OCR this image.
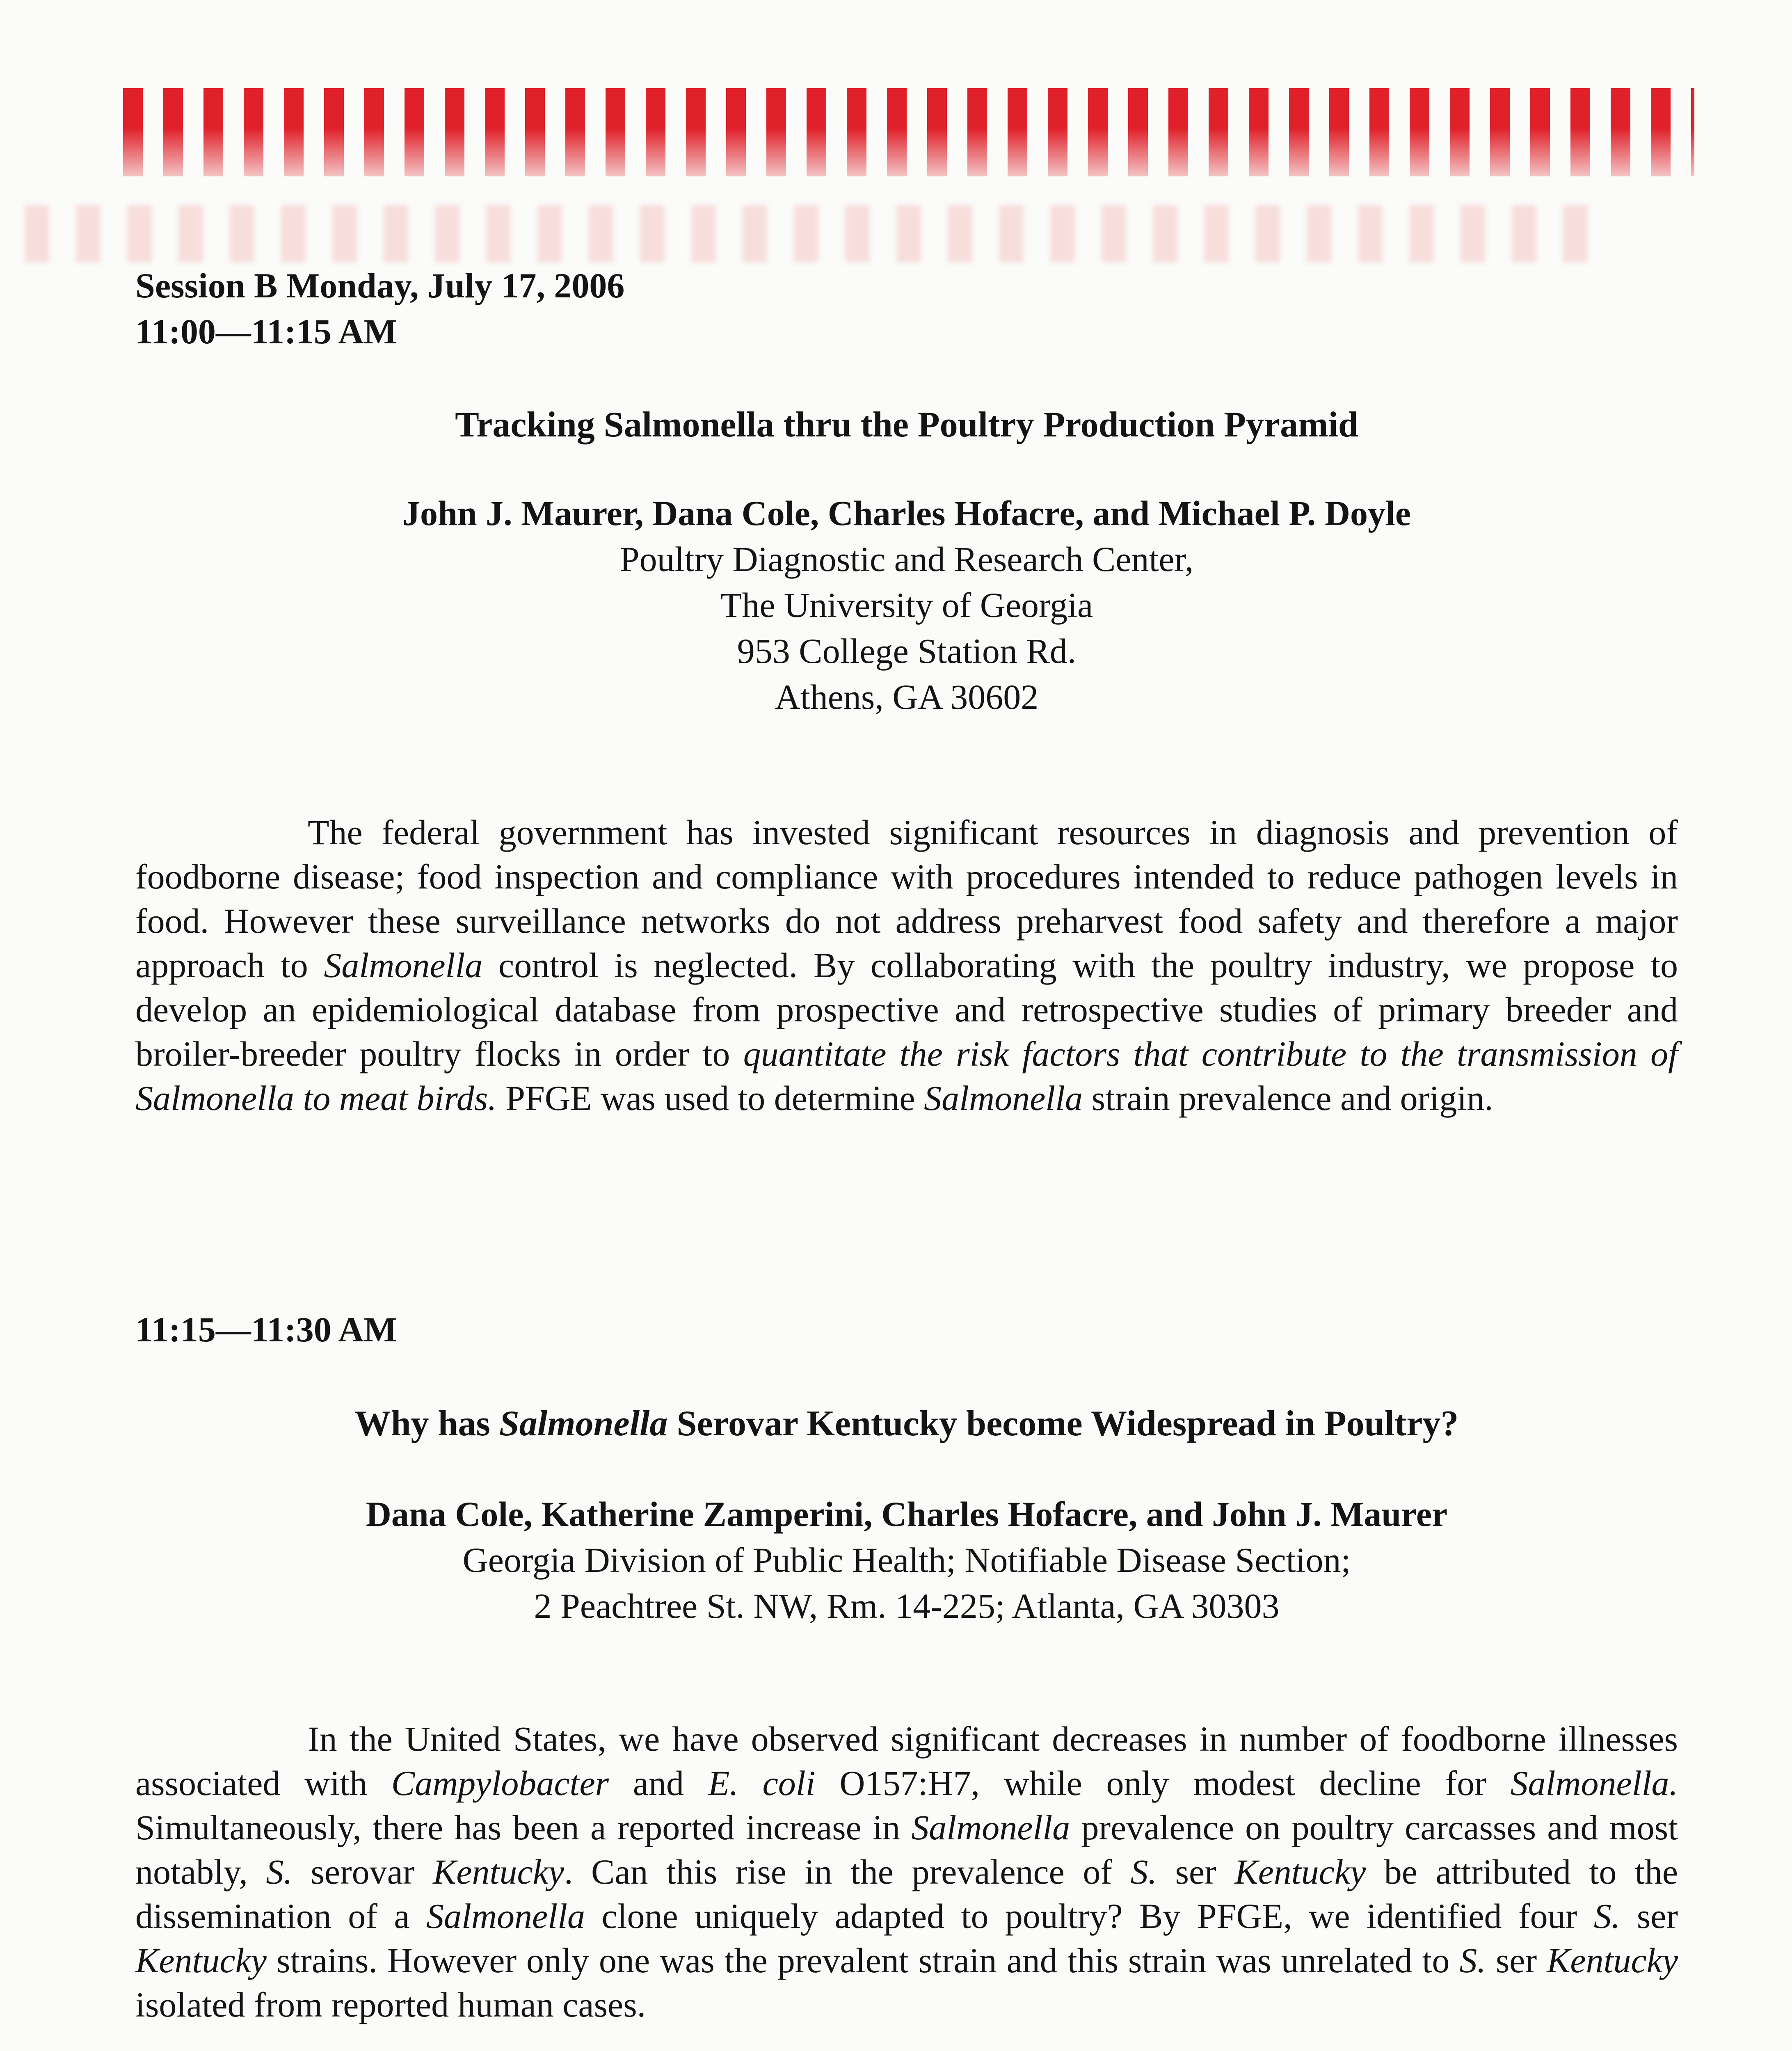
Session B Monday, July 17, 2006

11:00—11:15 AM

Tracking Salmonella thru the Poultry Production Pyramid

John J. Maurer, Dana Cole, Charles Hofacre, and Michael P. Doyle

Poultry Diagnostic and Research Center,

The University of Georgia

953 College Station Rd.

Athens, GA 30602

The federal government has invested significant resources in diagnosis and prevention of foodborne disease; food inspection and compliance with procedures intended to reduce pathogen levels in food. However these surveillance networks do not address preharvest food safety and therefore a major approach to Salmonella control is neglected. By collaborating with the poultry industry, we propose to develop an epidemiological database from prospective and retrospective studies of primary breeder and broiler-breeder poultry flocks in order to quantitate the risk factors that contribute to the transmission of Salmonella to meat birds. PFGE was used to determine Salmonella strain prevalence and origin.

11:15—11:30 AM
Why has Salmonella Serovar Kentucky become Widespread in Poultry?

Dana Cole, Katherine Zamperini, Charles Hofacre, and John J. Maurer

Georgia Division of Public Health; Notifiable Disease Section;

2 Peachtree St. NW, Rm. 14-225; Atlanta, GA 30303

In the United States, we have observed significant decreases in number of foodborne illnesses associated with Campylobacter and E. coli O157:H7, while only modest decline for Salmonella. Simultaneously, there has been a reported increase in Salmonella prevalence on poultry carcasses and most notably, S. serovar Kentucky. Can this rise in the prevalence of S. ser Kentucky be attributed to the dissemination of a Salmonella clone uniquely adapted to poultry? By PFGE, we identified four S. ser Kentucky strains. However only one was the prevalent strain and this strain was unrelated to S. ser Kentucky isolated from reported human cases.
